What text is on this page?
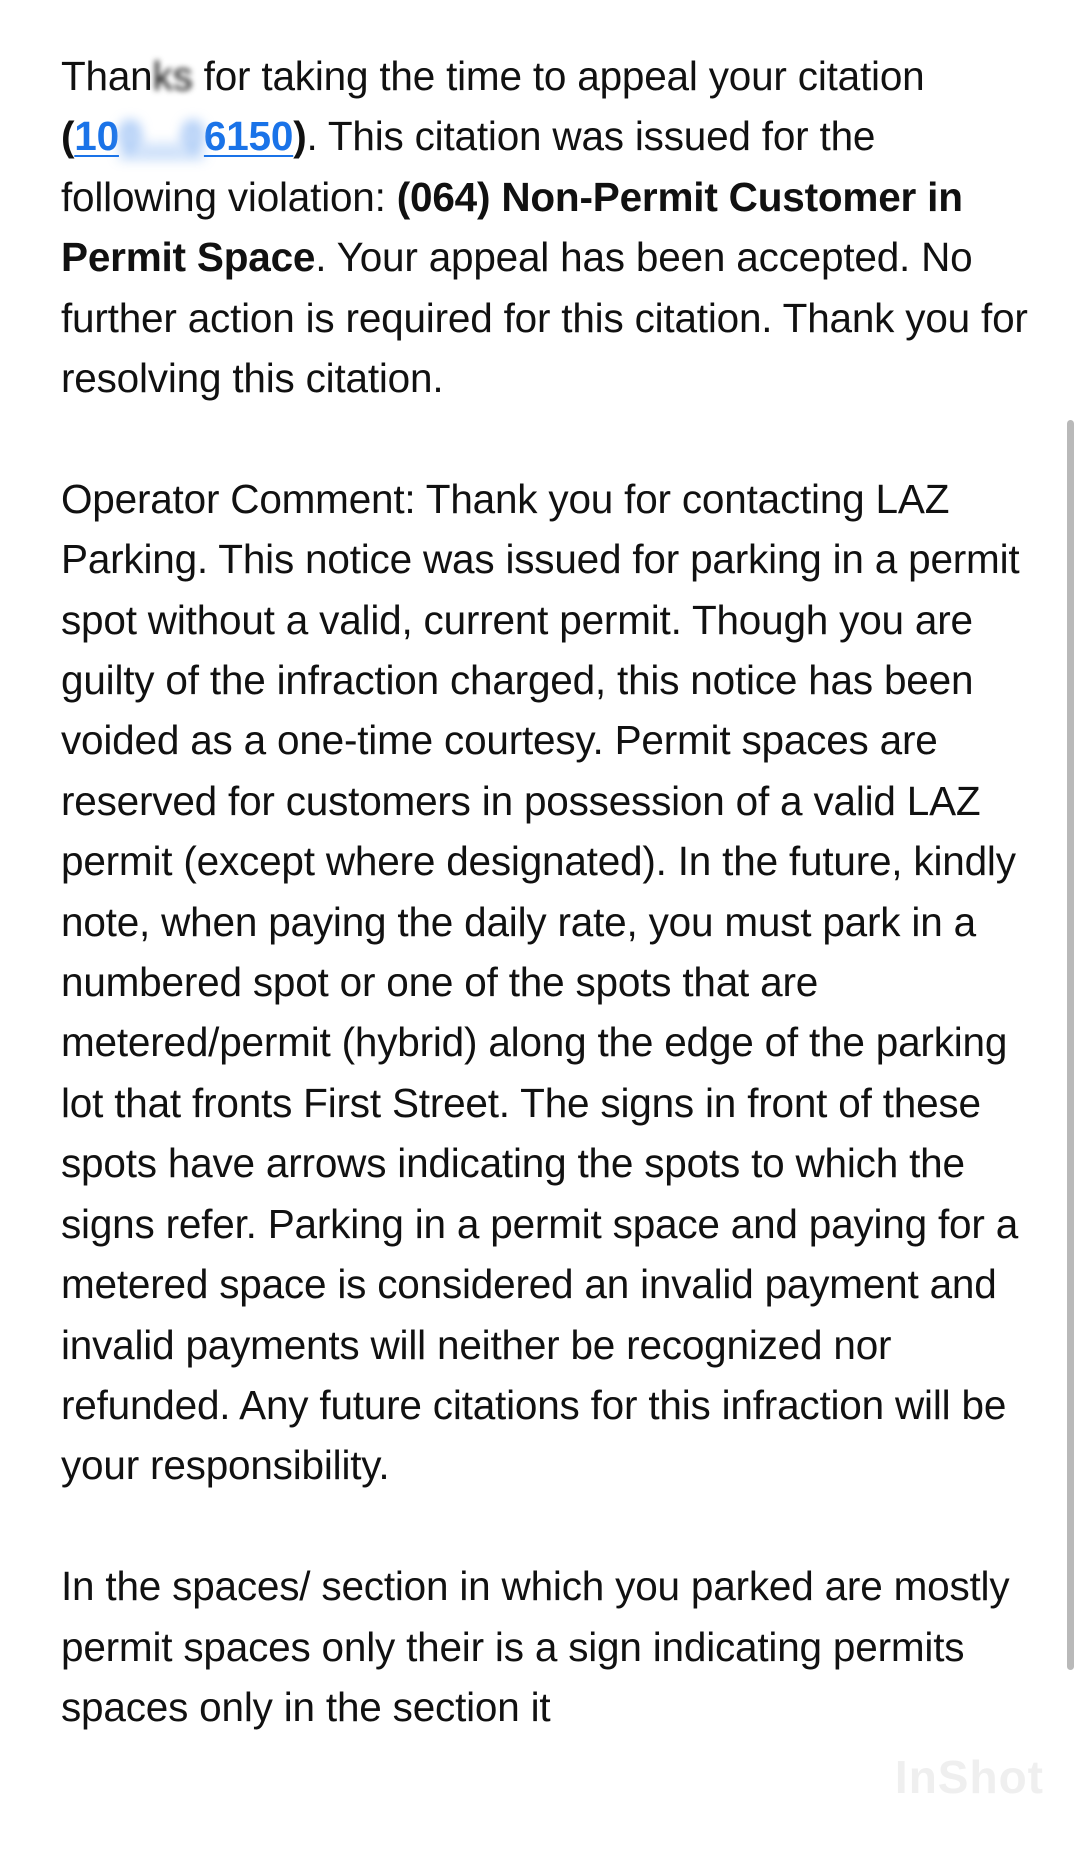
Thanks for taking the time to appeal your citation (100…06150). This citation was issued for the following violation: (064) Non-Permit Customer in Permit Space. Your appeal has been accepted. No further action is required for this citation. Thank you for resolving this citation.

Operator Comment: Thank you for contacting LAZ Parking. This notice was issued for parking in a permit spot without a valid, current permit. Though you are guilty of the infraction charged, this notice has been voided as a one-time courtesy. Permit spaces are reserved for customers in possession of a valid LAZ permit (except where designated). In the future, kindly note, when paying the daily rate, you must park in a numbered spot or one of the spots that are metered/permit (hybrid) along the edge of the parking lot that fronts First Street. The signs in front of these spots have arrows indicating the spots to which the signs refer. Parking in a permit space and paying for a metered space is considered an invalid payment and invalid payments will neither be recognized nor refunded. Any future citations for this infraction will be your responsibility.

In the spaces/ section in which you parked are mostly permit spaces only their is a sign indicating permits spaces only in the section it

InShot
